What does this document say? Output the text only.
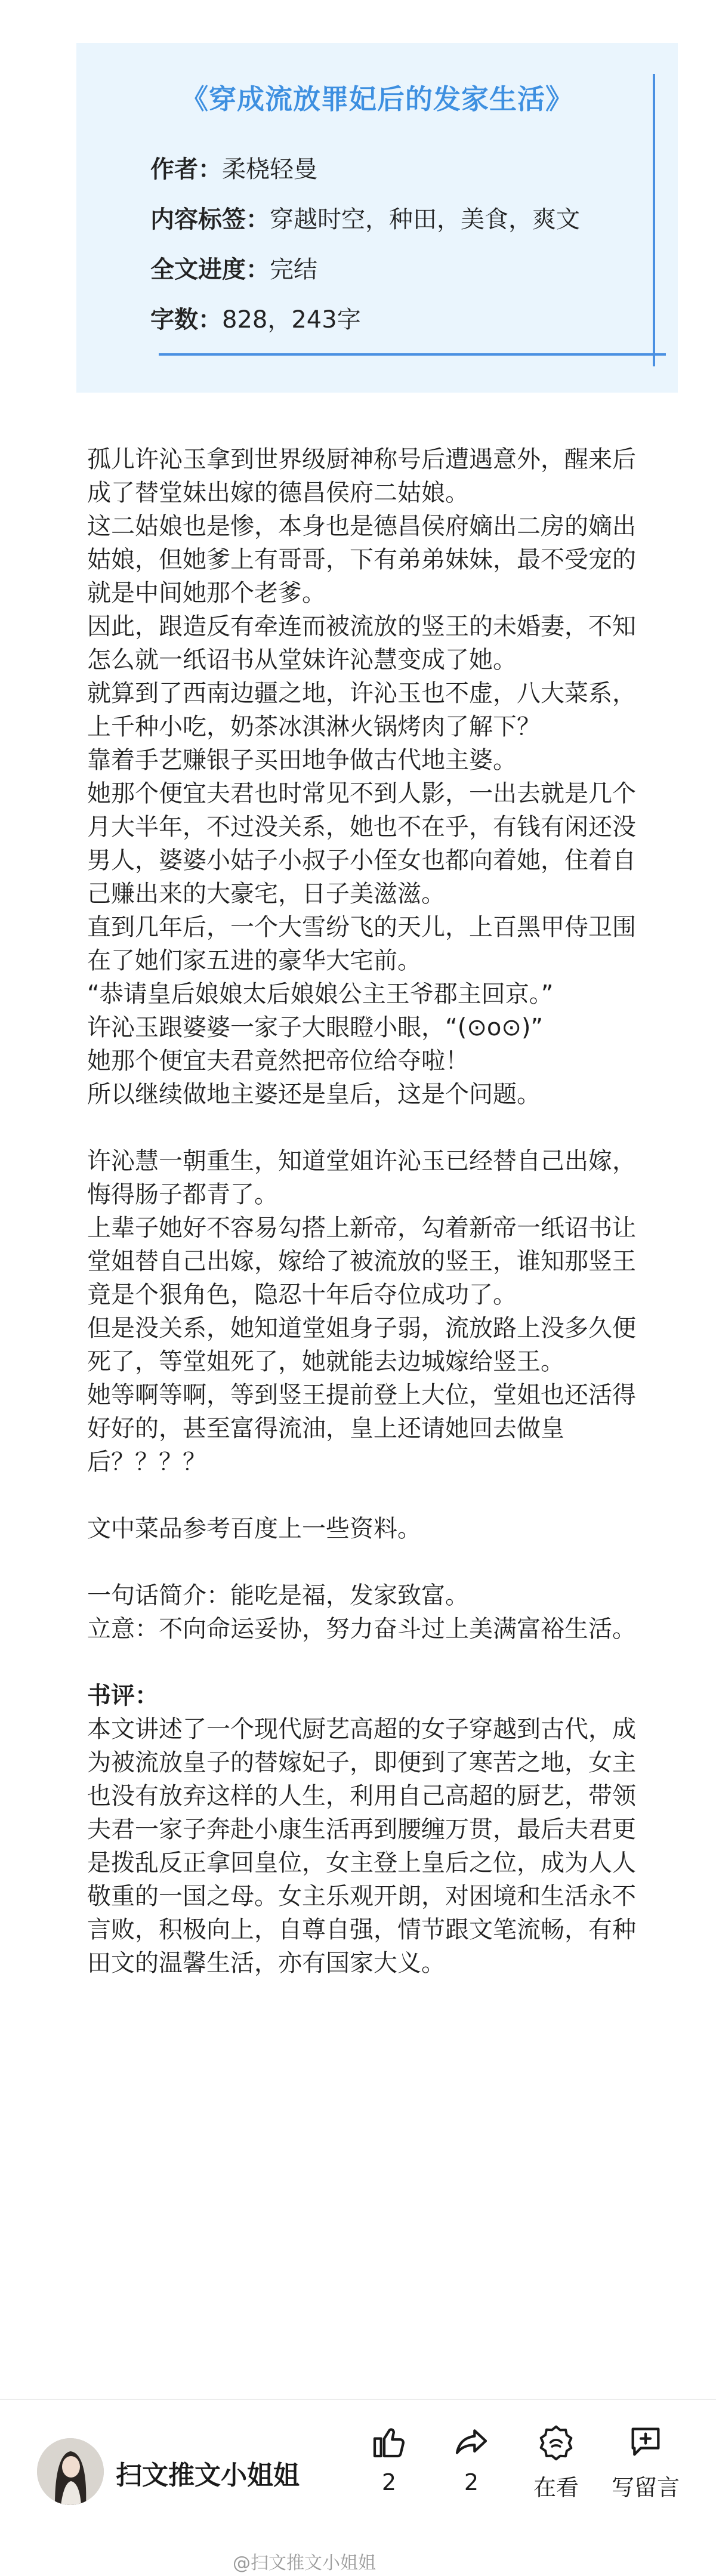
《穿成流放罪妃后的发家生活》
作者：柔桡轻曼
内容标签：穿越时空，种田，美食，爽文
全文进度：完结
字数：828，243字

孤儿许沁玉拿到世界级厨神称号后遭遇意外，醒来后成了替堂妹出嫁的德昌侯府二姑娘。

这二姑娘也是惨，本身也是德昌侯府嫡出二房的嫡出姑娘，但她爹上有哥哥，下有弟弟妹妹，最不受宠的就是中间她那个老爹。

因此，跟造反有牵连而被流放的竖王的未婚妻，不知怎么就一纸诏书从堂妹许沁慧变成了她。

就算到了西南边疆之地，许沁玉也不虚，八大菜系，上千种小吃，奶茶冰淇淋火锅烤肉了解下？

靠着手艺赚银子买田地争做古代地主婆。

她那个便宜夫君也时常见不到人影，一出去就是几个月大半年，不过没关系，她也不在乎，有钱有闲还没男人，婆婆小姑子小叔子小侄女也都向着她，住着自己赚出来的大豪宅，日子美滋滋。

直到几年后，一个大雪纷飞的天儿，上百黑甲侍卫围在了她们家五进的豪华大宅前。

“恭请皇后娘娘太后娘娘公主王爷郡主回京。”

许沁玉跟婆婆一家子大眼瞪小眼，“(⊙o⊙)”

她那个便宜夫君竟然把帝位给夺啦！

所以继续做地主婆还是皇后，这是个问题。

许沁慧一朝重生，知道堂姐许沁玉已经替自己出嫁，悔得肠子都青了。

上辈子她好不容易勾搭上新帝，勾着新帝一纸诏书让堂姐替自己出嫁，嫁给了被流放的竖王，谁知那竖王竟是个狠角色，隐忍十年后夺位成功了。

但是没关系，她知道堂姐身子弱，流放路上没多久便死了，等堂姐死了，她就能去边城嫁给竖王。

她等啊等啊，等到竖王提前登上大位，堂姐也还活得好好的，甚至富得流油，皇上还请她回去做皇后？？？？

文中菜品参考百度上一些资料。

一句话简介：能吃是福，发家致富。

立意：不向命运妥协，努力奋斗过上美满富裕生活。

书评：

本文讲述了一个现代厨艺高超的女子穿越到古代，成为被流放皇子的替嫁妃子，即便到了寒苦之地，女主也没有放弃这样的人生，利用自己高超的厨艺，带领夫君一家子奔赴小康生活再到腰缠万贯，最后夫君更是拨乱反正拿回皇位，女主登上皇后之位，成为人人敬重的一国之母。女主乐观开朗，对困境和生活永不言败，积极向上，自尊自强，情节跟文笔流畅，有种田文的温馨生活，亦有国家大义。

扫文推文小姐姐	2	2	在看	写留言
@扫文推文小姐姐
